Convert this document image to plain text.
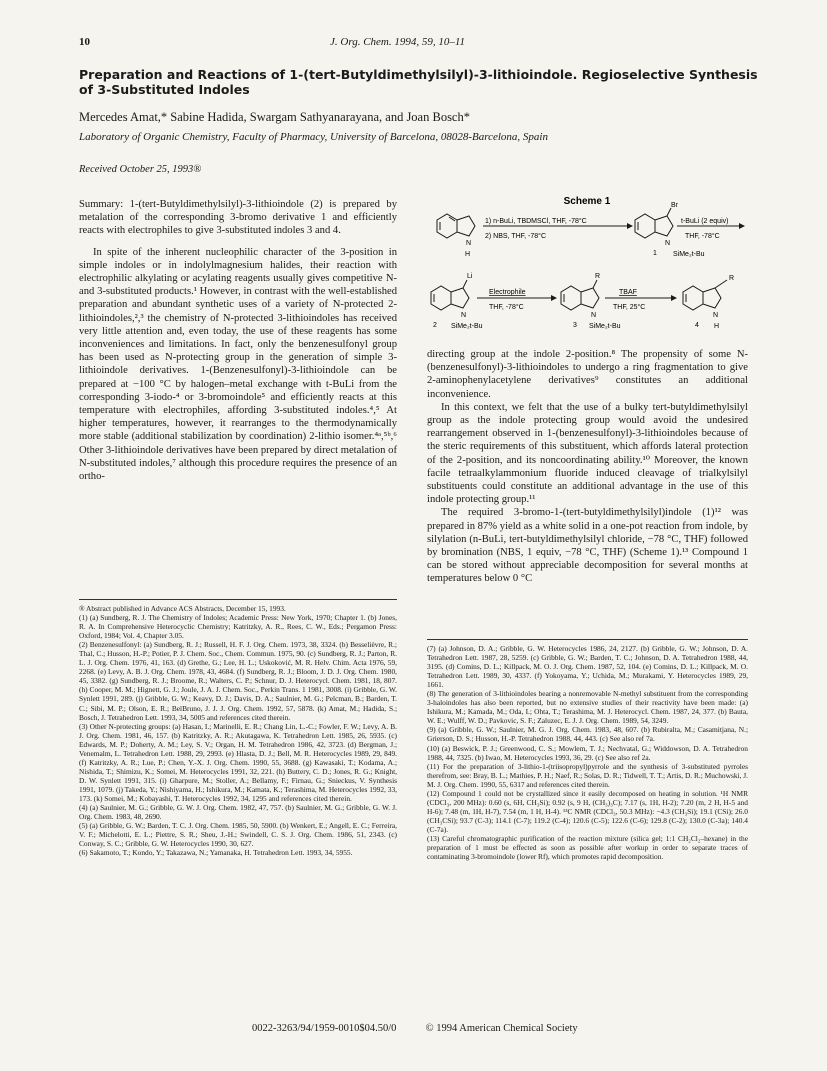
10	J. Org. Chem. 1994, 59, 10–11
Preparation and Reactions of 1-(tert-Butyldimethylsilyl)-3-lithioindole. Regioselective Synthesis of 3-Substituted Indoles
Mercedes Amat,* Sabine Hadida, Swargam Sathyanarayana, and Joan Bosch*
Laboratory of Organic Chemistry, Faculty of Pharmacy, University of Barcelona, 08028-Barcelona, Spain
Received October 25, 1993®

Summary: 1-(tert-Butyldimethylsilyl)-3-lithioindole (2) is prepared by metalation of the corresponding 3-bromo derivative 1 and efficiently reacts with electrophiles to give 3-substituted indoles 3 and 4.

In spite of the inherent nucleophilic character of the 3-position in simple indoles or in indolylmagnesium halides, their reaction with electrophilic alkylating or acylating reagents usually gives competitive N- and 3-substituted products.¹ However, in contrast with the well-established preparation and abundant synthetic uses of a variety of N-protected 2-lithioindoles,²,³ the chemistry of N-protected 3-lithioindoles has received very little attention and, even today, the use of these reagents has some inconveniences and limitations. In fact, only the benzenesulfonyl group has been used as N-protecting group in the generation of simple 3-lithioindole derivatives. 1-(Benzenesulfonyl)-3-lithioindole can be prepared at −100 °C by halogen–metal exchange with t-BuLi from the corresponding 3-iodo-⁴ or 3-bromoindole⁵ and efficiently reacts at this temperature with electrophiles, affording 3-substituted indoles.⁴,⁵ At higher temperatures, however, it rearranges to the thermodynamically more stable (additional stabilization by coordination) 2-lithio isomer.⁴ᵃ,⁵ᵇ,⁶ Other 3-lithioindole derivatives have been prepared by direct metalation of N-substituted indoles,⁷ although this procedure requires the presence of an ortho-

Scheme 1
N
H
1) n-BuLi, TBDMSCl, THF, -78°C
2) NBS, THF, -78°C
Br
N
1 SiMe₂t-Bu
t-BuLi (2 equiv)
THF, -78°C
Li
N
2 SiMe₂t-Bu
Electrophile
THF, -78°C
R
N
3 SiMe₂t-Bu
TBAF
THF, 25°C
R
N
4 H

directing group at the indole 2-position.⁸ The propensity of some N-(benzenesulfonyl)-3-lithioindoles to undergo a ring fragmentation to give 2-aminophenylacetylene derivatives⁹ constitutes an additional inconvenience.

In this context, we felt that the use of a bulky tert-butyldimethylsilyl group as the indole protecting group would avoid the undesired rearrangement observed in 1-(benzenesulfonyl)-3-lithioindoles because of the steric requirements of this substituent, which affords lateral protection of the 2-position, and its noncoordinating ability.¹⁰ Moreover, the known facile tetraalkylammonium fluoride induced cleavage of trialkylsilyl substituents could constitute an additional advantage in the use of this indole protecting group.¹¹

The required 3-bromo-1-(tert-butyldimethylsilyl)indole (1)¹² was prepared in 87% yield as a white solid in a one-pot reaction from indole, by silylation (n-BuLi, tert-butyldimethylsilyl chloride, −78 °C, THF) followed by bromination (NBS, 1 equiv, −78 °C, THF) (Scheme 1).¹³ Compound 1 can be stored without appreciable decomposition for several months at temperatures below 0 °C

® Abstract published in Advance ACS Abstracts, December 15, 1993.

(1) (a) Sundberg, R. J. The Chemistry of Indoles; Academic Press: New York, 1970; Chapter 1. (b) Jones, R. A. In Comprehensive Heterocyclic Chemistry; Katritzky, A. R., Rees, C. W., Eds.; Pergamon Press: Oxford, 1984; Vol. 4, Chapter 3.05.

(2) Benzenesulfonyl: (a) Sundberg, R. J.; Russell, H. F. J. Org. Chem. 1973, 38, 3324. (b) Besselièvre, R.; Thal, C.; Husson, H.-P.; Potier, P. J. Chem. Soc., Chem. Commun. 1975, 90. (c) Sundberg, R. J.; Parton, R. L. J. Org. Chem. 1976, 41, 163. (d) Grethe, G.; Lee, H. L.; Uskoković, M. R. Helv. Chim. Acta 1976, 59, 2268. (e) Levy, A. B. J. Org. Chem. 1978, 43, 4684. (f) Sundberg, R. J.; Bloom, J. D. J. Org. Chem. 1980, 45, 3382. (g) Sundberg, R. J.; Broome, R.; Walters, C. P.; Schnur, D. J. Heterocycl. Chem. 1981, 18, 807. (h) Cooper, M. M.; Hignett, G. J.; Joule, J. A. J. Chem. Soc., Perkin Trans. 1 1981, 3008. (i) Gribble, G. W. Synlett 1991, 289. (j) Gribble, G. W.; Keavy, D. J.; Davis, D. A.; Saulnier, M. G.; Pelcman, B.; Barden, T. C.; Sibi, M. P.; Olson, E. R.; BelBruno, J. J. J. Org. Chem. 1992, 57, 5878. (k) Amat, M.; Hadida, S.; Bosch, J. Tetrahedron Lett. 1993, 34, 5005 and references cited therein.

(3) Other N-protecting groups: (a) Hasan, I.; Marinelli, E. R.; Chang Lin, L.-C.; Fowler, F. W.; Levy, A. B. J. Org. Chem. 1981, 46, 157. (b) Katritzky, A. R.; Akutagawa, K. Tetrahedron Lett. 1985, 26, 5935. (c) Edwards, M. P.; Doherty, A. M.; Ley, S. V.; Organ, H. M. Tetrahedron 1986, 42, 3723. (d) Bergman, J.; Venemalm, L. Tetrahedron Lett. 1988, 29, 2993. (e) Hlasta, D. J.; Bell, M. R. Heterocycles 1989, 29, 849. (f) Katritzky, A. R.; Lue, P.; Chen, Y.-X. J. Org. Chem. 1990, 55, 3688. (g) Kawasaki, T.; Kodama, A.; Nishida, T.; Shimizu, K.; Somei, M. Heterocycles 1991, 32, 221. (h) Buttery, C. D.; Jones, R. G.; Knight, D. W. Synlett 1991, 315. (i) Gharpure, M.; Stoller, A.; Bellamy, F.; Firnau, G.; Snieckus, V. Synthesis 1991, 1079. (j) Takeda, Y.; Nishiyama, H.; Ishikura, M.; Kamata, K.; Terashima, M. Heterocycles 1992, 33, 173. (k) Somei, M.; Kobayashi, T. Heterocycles 1992, 34, 1295 and references cited therein.

(4) (a) Saulnier, M. G.; Gribble, G. W. J. Org. Chem. 1982, 47, 757. (b) Saulnier, M. G.; Gribble, G. W. J. Org. Chem. 1983, 48, 2690.

(5) (a) Gribble, G. W.; Barden, T. C. J. Org. Chem. 1985, 50, 5900. (b) Wenkert, E.; Angell, E. C.; Ferreira, V. F.; Michelotti, E. L.; Piettre, S. R.; Sheu, J.-H.; Swindell, C. S. J. Org. Chem. 1986, 51, 2343. (c) Conway, S. C.; Gribble, G. W. Heterocycles 1990, 30, 627.

(6) Sakamoto, T.; Kondo, Y.; Takazawa, N.; Yamanaka, H. Tetrahedron Lett. 1993, 34, 5955.

(7) (a) Johnson, D. A.; Gribble, G. W. Heterocycles 1986, 24, 2127. (b) Gribble, G. W.; Johnson, D. A. Tetrahedron Lett. 1987, 28, 5259. (c) Gribble, G. W.; Barden, T. C.; Johnson, D. A. Tetrahedron 1988, 44, 3195. (d) Comins, D. L.; Killpack, M. O. J. Org. Chem. 1987, 52, 104. (e) Comins, D. L.; Killpack, M. O. Tetrahedron Lett. 1989, 30, 4337. (f) Yokoyama, Y.; Uchida, M.; Murakami, Y. Heterocycles 1989, 29, 1661.

(8) The generation of 3-lithioindoles bearing a nonremovable N-methyl substituent from the corresponding 3-haloindoles has also been reported, but no extensive studies of their reactivity have been made: (a) Ishikura, M.; Kamada, M.; Oda, I.; Ohta, T.; Terashima, M. J. Heterocycl. Chem. 1987, 24, 377. (b) Bauta, W. E.; Wulff, W. D.; Pavkovic, S. F.; Zaluzec, E. J. J. Org. Chem. 1989, 54, 3249.

(9) (a) Gribble, G. W.; Saulnier, M. G. J. Org. Chem. 1983, 48, 607. (b) Rubiralta, M.; Casamitjana, N.; Grierson, D. S.; Husson, H.-P. Tetrahedron 1988, 44, 443. (c) See also ref 7a.

(10) (a) Beswick, P. J.; Greenwood, C. S.; Mowlem, T. J.; Nechvatal, G.; Widdowson, D. A. Tetrahedron 1988, 44, 7325. (b) Iwao, M. Heterocycles 1993, 36, 29. (c) See also ref 2a.

(11) For the preparation of 3-lithio-1-(triisopropyl)pyrrole and the synthesis of 3-substituted pyrroles therefrom, see: Bray, B. L.; Mathies, P. H.; Naef, R.; Solas, D. R.; Tidwell, T. T.; Artis, D. R.; Muchowski, J. M. J. Org. Chem. 1990, 55, 6317 and references cited therein.

(12) Compound 1 could not be crystallized since it easily decomposed on heating in solution. ¹H NMR (CDCl₃, 200 MHz): 0.60 (s, 6H, CH₃Si); 0.92 (s, 9 H, (CH₃)₃C); 7.17 (s, 1H, H-2); 7.20 (m, 2 H, H-5 and H-6); 7.48 (m, 1H, H-7), 7.54 (m, 1 H, H-4). ¹³C NMR (CDCl₃, 50.3 MHz): −4.3 (CH₃Si); 19.1 (CSi); 26.0 (CH₃CSi); 93.7 (C-3); 114.1 (C-7); 119.2 (C-4); 120.6 (C-5); 122.6 (C-6); 129.8 (C-2); 130.0 (C-3a); 140.4 (C-7a).

(13) Careful chromatographic purification of the reaction mixture (silica gel; 1:1 CH₂Cl₂–hexane) in the preparation of 1 must be effected as soon as possible after workup in order to separate traces of contaminating 3-bromoindole (lower Rf), which promotes rapid decomposition.

0022-3263/94/1959-0010$04.50/0	© 1994 American Chemical Society
